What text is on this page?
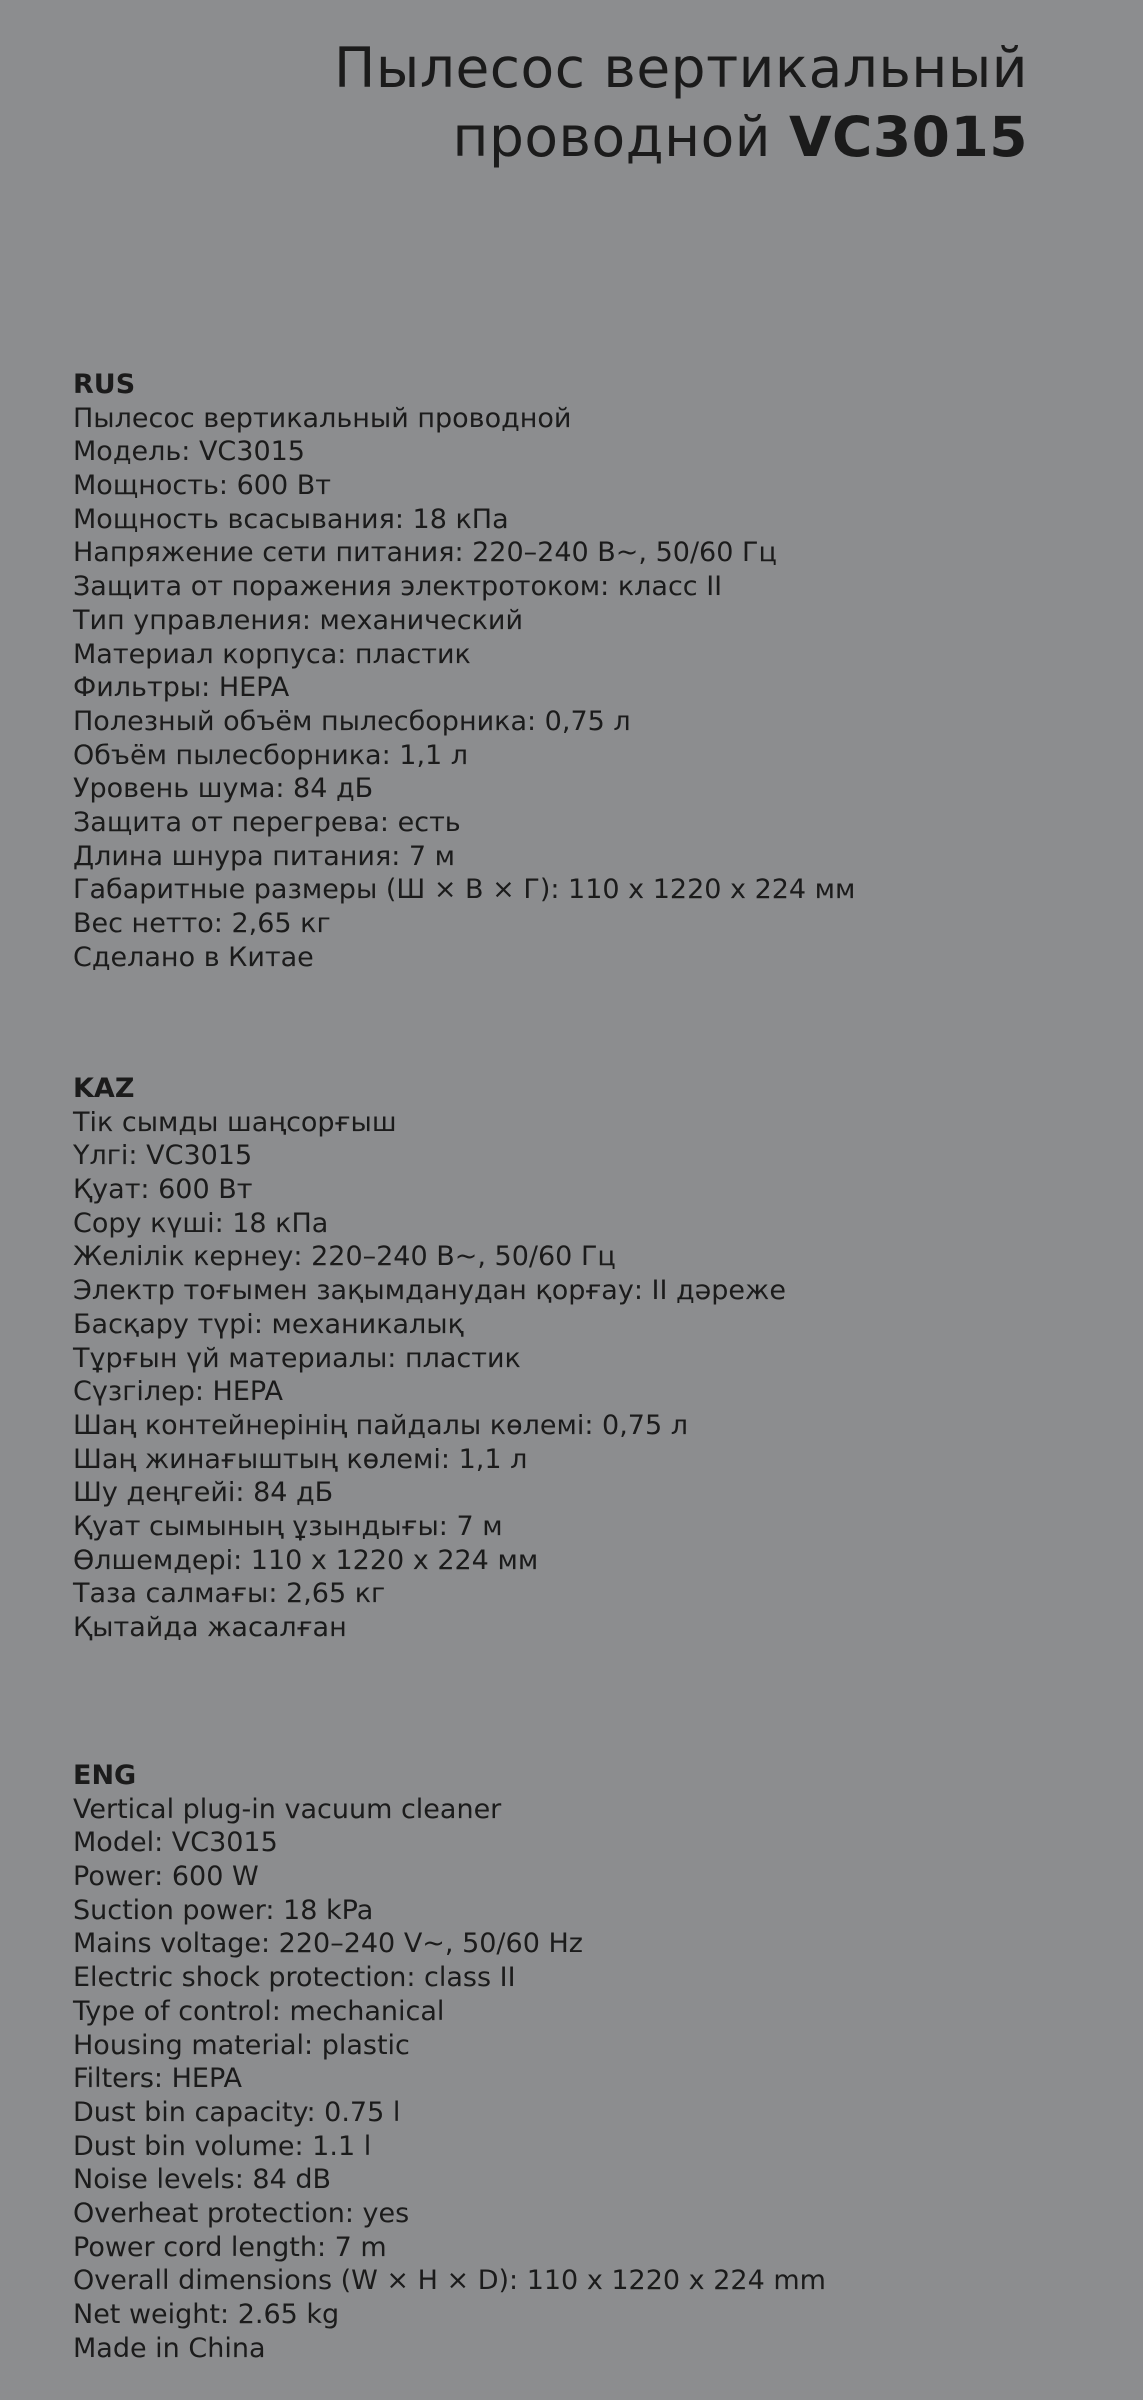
Пылесос вертикальный
проводной VC3015
RUS
Пылесос вертикальный проводной
Модель: VC3015
Мощность: 600 Вт
Мощность всасывания: 18 кПа
Напряжение сети питания: 220–240 В~, 50/60 Гц
Защита от поражения электротоком: класс II
Тип управления: механический
Материал корпуса: пластик
Фильтры: HEPA
Полезный объём пылесборника: 0,75 л
Объём пылесборника: 1,1 л
Уровень шума: 84 дБ
Защита от перегрева: есть
Длина шнура питания: 7 м
Габаритные размеры (Ш × В × Г): 110 x 1220 x 224 мм
Вес нетто: 2,65 кг
Сделано в Китае
KAZ
Тік сымды шаңсорғыш
Үлгі: VC3015
Қуат: 600 Вт
Сору күші: 18 кПа
Желілік кернеу: 220–240 В~, 50/60 Гц
Электр тоғымен зақымданудан қорғау: II дәреже
Басқару түрі: механикалық
Тұрғын үй материалы: пластик
Сүзгілер: HEPA
Шаң контейнерінің пайдалы көлемі: 0,75 л
Шаң жинағыштың көлемі: 1,1 л
Шу деңгейі: 84 дБ
Қуат сымының ұзындығы: 7 м
Өлшемдері: 110 x 1220 x 224 мм
Таза салмағы: 2,65 кг
Қытайда жасалған
ENG
Vertical plug-in vacuum cleaner
Model: VC3015
Power: 600 W
Suction power: 18 kPa
Mains voltage: 220–240 V~, 50/60 Hz
Electric shock protection: class II
Type of control: mechanical
Housing material: plastic
Filters: HEPA
Dust bin capacity: 0.75 l
Dust bin volume: 1.1 l
Noise levels: 84 dB
Overheat protection: yes
Power cord length: 7 m
Overall dimensions (W × H × D): 110 x 1220 x 224 mm
Net weight: 2.65 kg
Made in China
